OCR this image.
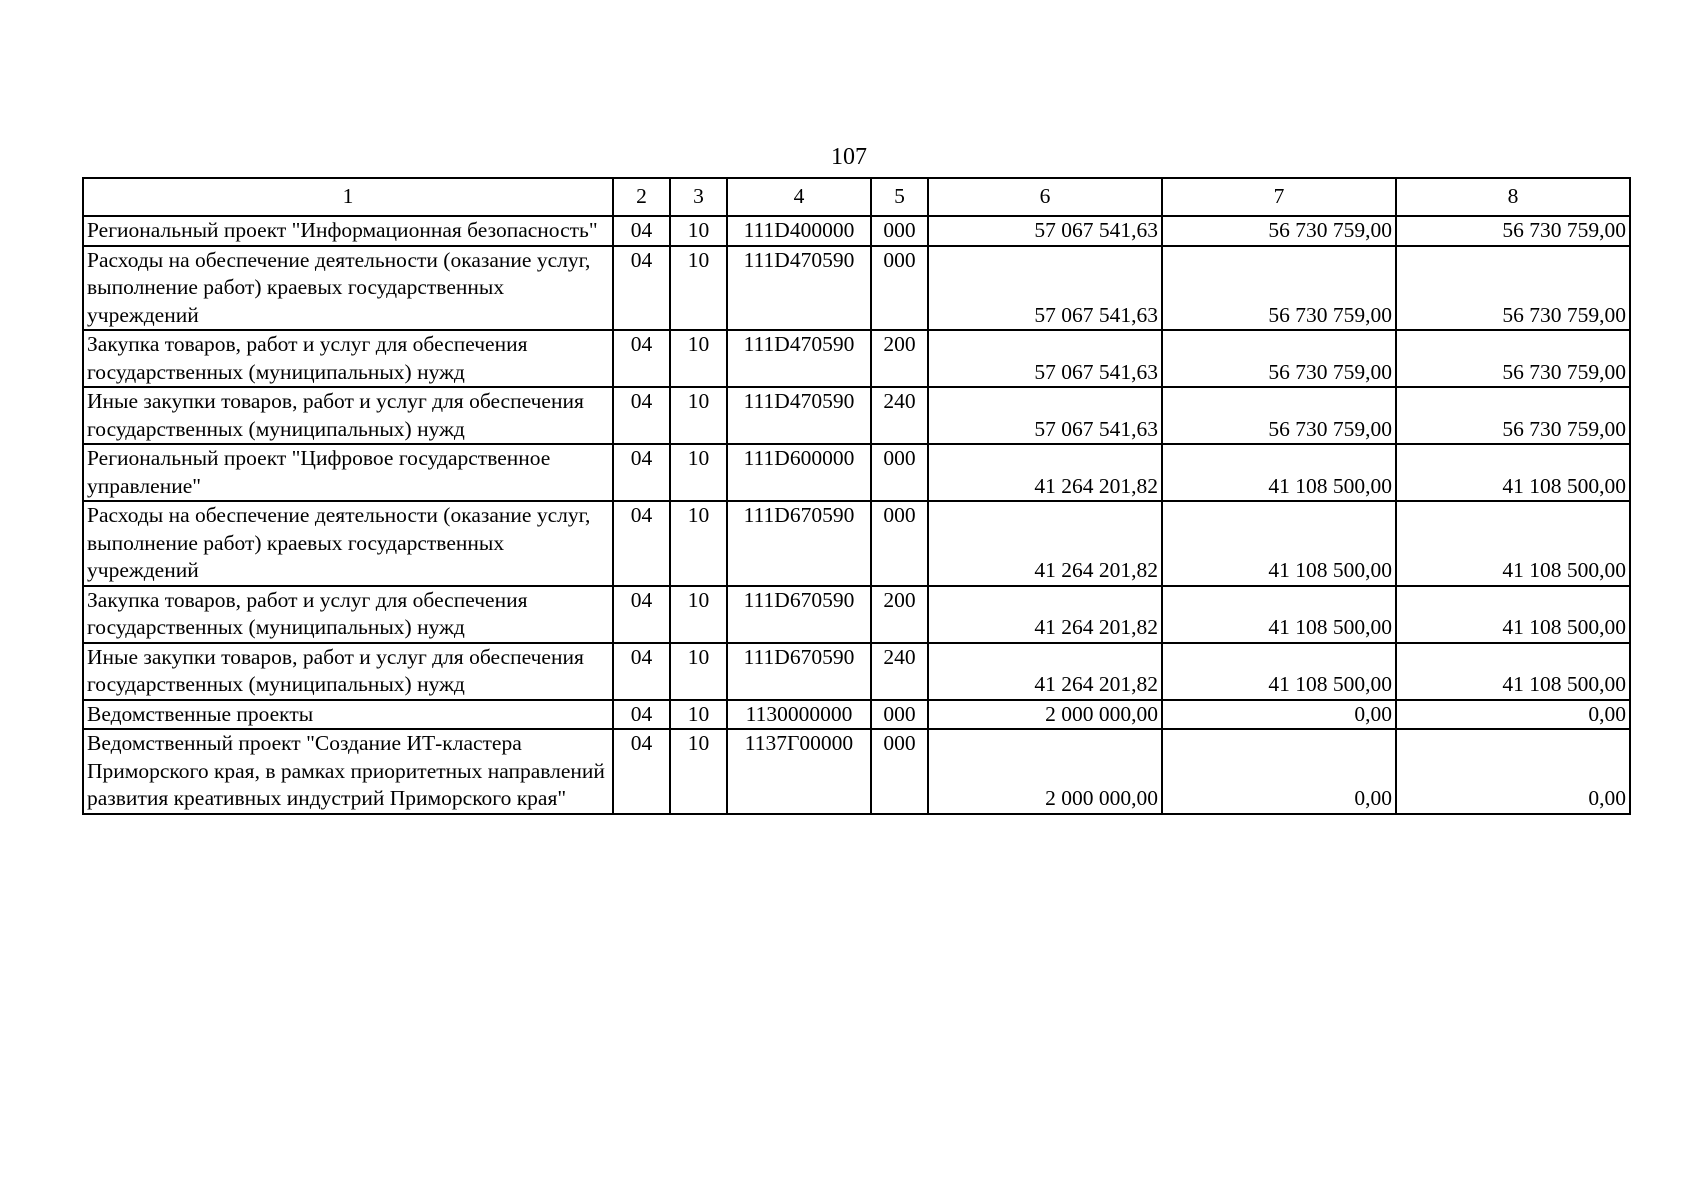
107
1	2	3	4	5	6	7	8
Региональный проект "Информационная безопасность"	04	10	111D400000	000	57 067 541,63	56 730 759,00	56 730 759,00
Расходы на обеспечение деятельности (оказание услуг, выполнение работ) краевых государственных учреждений	04	10	111D470590	000	57 067 541,63	56 730 759,00	56 730 759,00
Закупка товаров, работ и услуг для обеспечения государственных (муниципальных) нужд	04	10	111D470590	200	57 067 541,63	56 730 759,00	56 730 759,00
Иные закупки товаров, работ и услуг для обеспечения государственных (муниципальных) нужд	04	10	111D470590	240	57 067 541,63	56 730 759,00	56 730 759,00
Региональный проект "Цифровое государственное управление"	04	10	111D600000	000	41 264 201,82	41 108 500,00	41 108 500,00
Расходы на обеспечение деятельности (оказание услуг, выполнение работ) краевых государственных учреждений	04	10	111D670590	000	41 264 201,82	41 108 500,00	41 108 500,00
Закупка товаров, работ и услуг для обеспечения государственных (муниципальных) нужд	04	10	111D670590	200	41 264 201,82	41 108 500,00	41 108 500,00
Иные закупки товаров, работ и услуг для обеспечения государственных (муниципальных) нужд	04	10	111D670590	240	41 264 201,82	41 108 500,00	41 108 500,00
Ведомственные проекты	04	10	1130000000	000	2 000 000,00	0,00	0,00
Ведомственный проект "Создание ИТ-кластера Приморского края, в рамках приоритетных направлений развития креативных индустрий Приморского края"	04	10	1137Г00000	000	2 000 000,00	0,00	0,00
